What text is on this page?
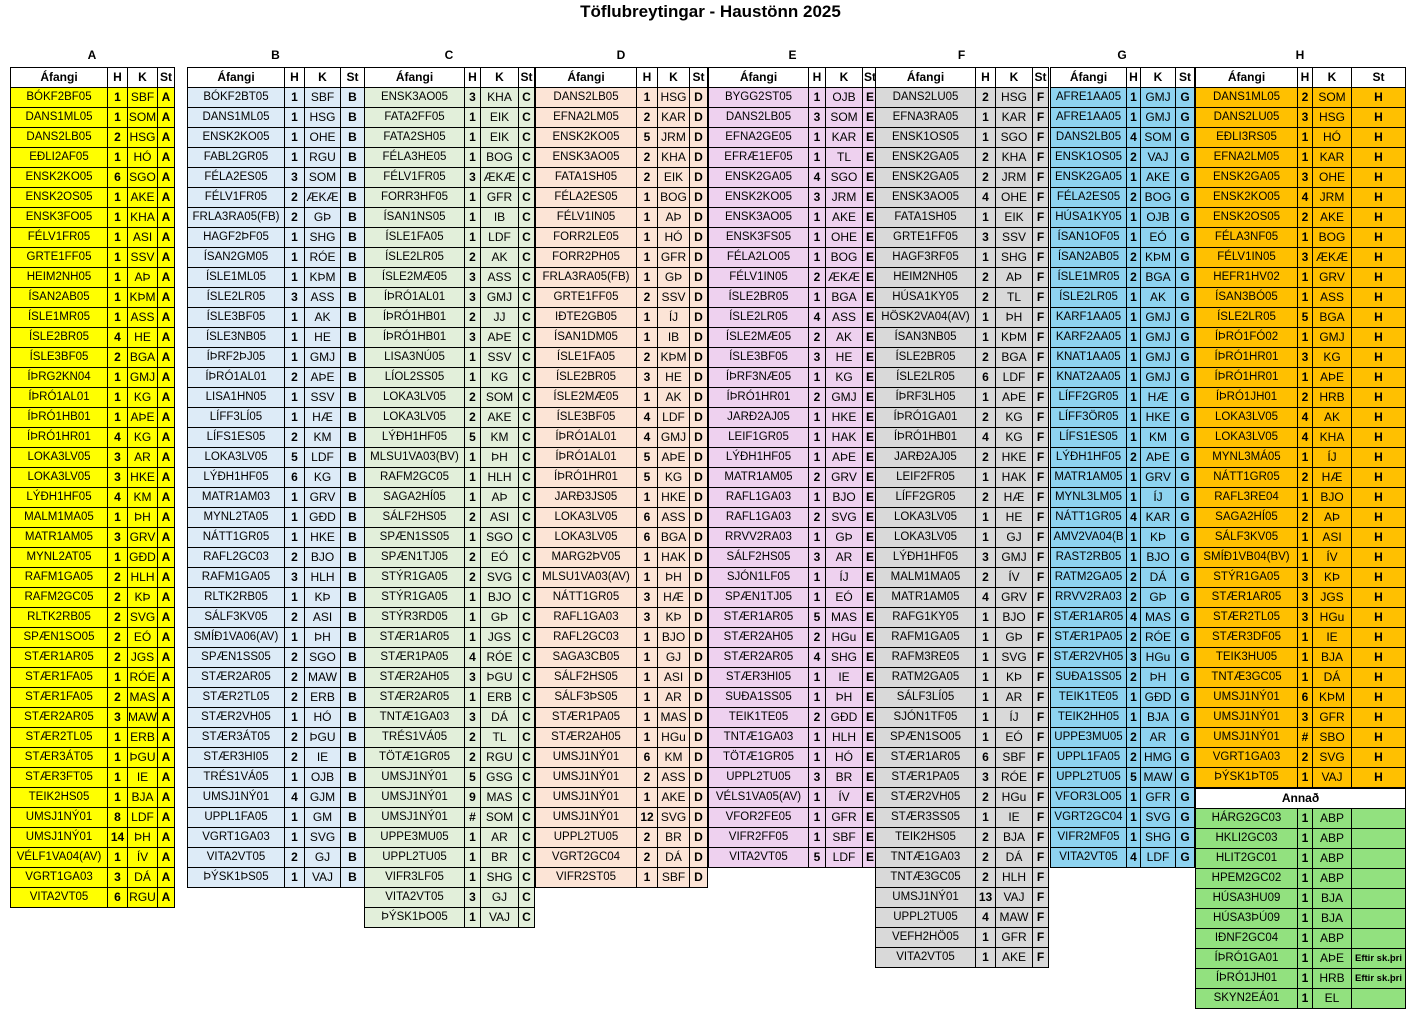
Töflubreytingar - Haustönn 2025
A
Áfangi	H	K	St
BÓKF2BF05	1	SBF	A
DANS1ML05	1	SOM	A
DANS2LB05	2	HSG	A
EÐLI2AF05	1	HÓ	A
ENSK2KO05	6	SGO	A
ENSK2OS05	1	AKE	A
ENSK3FO05	1	KHA	A
FÉLV1FR05	1	ASI	A
GRTE1FF05	1	SSV	A
HEIM2NH05	1	AÞ	A
ÍSAN2AB05	1	KÞM	A
ÍSLE1MR05	1	ASS	A
ÍSLE2BR05	4	HE	A
ÍSLE3BF05	2	BGA	A
ÍÞRG2KN04	1	GMJ	A
ÍÞRÓ1AL01	1	KG	A
ÍÞRÓ1HB01	1	AÞE	A
ÍÞRÓ1HR01	4	KG	A
LOKA3LV05	3	AR	A
LOKA3LV05	3	HKE	A
LÝÐH1HF05	4	KM	A
MALM1MA05	1	ÞH	A
MATR1AM05	3	GRV	A
MYNL2AT05	1	GÐD	A
RAFM1GA05	2	HLH	A
RAFM2GC05	2	KÞ	A
RLTK2RB05	2	SVG	A
SPÆN1SO05	2	EÓ	A
STÆR1AR05	2	JGS	A
STÆR1FA05	1	RÓE	A
STÆR1FA05	2	MAS	A
STÆR2AR05	3	MAW	A
STÆR2TL05	1	ERB	A
STÆR3ÁT05	1	ÞGU	A
STÆR3FT05	1	IE	A
TEIK2HS05	1	BJA	A
UMSJ1NÝ01	8	LDF	A
UMSJ1NÝ01	14	ÞH	A
VÉLF1VA04(AV)	1	ÍV	A
VGRT1GA03	3	DÁ	A
VITA2VT05	6	RGU	A
B
Áfangi	H	K	St
BÓKF2BT05	1	SBF	B
DANS1ML05	1	HSG	B
ENSK2KO05	1	OHE	B
FABL2GR05	1	RGU	B
FÉLA2ES05	3	SOM	B
FÉLV1FR05	2	ÆKÆ	B
FRLA3RA05(FB)	2	GÞ	B
HAGF2ÞF05	1	SHG	B
ÍSAN2GM05	1	RÓE	B
ÍSLE1ML05	1	KÞM	B
ÍSLE2LR05	3	ASS	B
ÍSLE3BF05	1	AK	B
ÍSLE3NB05	1	HE	B
ÍÞRF2ÞJ05	1	GMJ	B
ÍÞRÓ1AL01	2	AÞE	B
LISA1HN05	1	SSV	B
LÍFF3LÍ05	1	HÆ	B
LÍFS1ES05	2	KM	B
LOKA3LV05	5	LDF	B
LÝÐH1HF05	6	KG	B
MATR1AM03	1	GRV	B
MYNL2TA05	1	GÐD	B
NÁTT1GR05	1	HKE	B
RAFL2GC03	2	BJO	B
RAFM1GA05	3	HLH	B
RLTK2RB05	1	KÞ	B
SÁLF3KV05	2	ASI	B
SMÍÐ1VA06(AV)	1	ÞH	B
SPÆN1SS05	2	SGO	B
STÆR2AR05	2	MAW	B
STÆR2TL05	2	ERB	B
STÆR2VH05	1	HÓ	B
STÆR3ÁT05	2	ÞGU	B
STÆR3HI05	2	IE	B
TRÉS1VÁ05	1	OJB	B
UMSJ1NÝ01	4	GJM	B
UPPL1FA05	1	GM	B
VGRT1GA03	1	SVG	B
VITA2VT05	2	GJ	B
ÞÝSK1ÞS05	1	VAJ	B
C
Áfangi	H	K	St
ENSK3AO05	3	KHA	C
FATA2FF05	1	EIK	C
FATA2SH05	1	EIK	C
FÉLA3HE05	1	BOG	C
FÉLV1FR05	3	ÆKÆ	C
FORR3HF05	1	GFR	C
ÍSAN1NS05	1	IB	C
ÍSLE1FA05	1	LDF	C
ÍSLE2LR05	2	AK	C
ÍSLE2MÆ05	3	ASS	C
ÍÞRÓ1AL01	3	GMJ	C
ÍÞRÓ1HB01	2	JJ	C
ÍÞRÓ1HB01	3	AÞE	C
LISA3NÚ05	1	SSV	C
LÍOL2SS05	1	KG	C
LOKA3LV05	2	SOM	C
LOKA3LV05	2	AKE	C
LÝÐH1HF05	5	KM	C
MLSU1VA03(BV)	1	ÞH	C
RAFM2GC05	1	HLH	C
SAGA2HÍ05	1	AÞ	C
SÁLF2HS05	2	ASI	C
SPÆN1SS05	1	SGO	C
SPÆN1TJ05	2	EÓ	C
STÝR1GA05	2	SVG	C
STÝR1GA05	1	BJO	C
STÝR3RD05	1	GÞ	C
STÆR1AR05	1	JGS	C
STÆR1PA05	4	RÓE	C
STÆR2AH05	3	ÞGU	C
STÆR2AR05	1	ERB	C
TNTÆ1GA03	3	DÁ	C
TRÉS1VÁ05	2	TL	C
TÖTÆ1GR05	2	RGU	C
UMSJ1NÝ01	5	GSG	C
UMSJ1NÝ01	9	MAS	C
UMSJ1NÝ01	#	SOM	C
UPPE3MU05	1	AR	C
UPPL2TU05	1	BR	C
VIFR3LF05	1	SHG	C
VITA2VT05	3	GJ	C
ÞÝSK1ÞO05	1	VAJ	C
D
Áfangi	H	K	St
DANS2LB05	1	HSG	D
EFNA2LM05	2	KAR	D
ENSK2KO05	5	JRM	D
ENSK3AO05	2	KHA	D
FATA1SH05	2	EIK	D
FÉLA2ES05	1	BOG	D
FÉLV1IN05	1	AÞ	D
FORR2LE05	1	HÓ	D
FORR2PH05	1	GFR	D
FRLA3RA05(FB)	1	GÞ	D
GRTE1FF05	2	SSV	D
IÐTE2GB05	1	ÍJ	D
ÍSAN1DM05	1	IB	D
ÍSLE1FA05	2	KÞM	D
ÍSLE2BR05	3	HE	D
ÍSLE2MÆ05	1	AK	D
ÍSLE3BF05	4	LDF	D
ÍÞRÓ1AL01	4	GMJ	D
ÍÞRÓ1AL01	5	AÞE	D
ÍÞRÓ1HR01	5	KG	D
JARÐ3JS05	1	HKE	D
LOKA3LV05	6	ASS	D
LOKA3LV05	6	BGA	D
MARG2ÞV05	1	HAK	D
MLSU1VA03(AV)	1	ÞH	D
NÁTT1GR05	3	HÆ	D
RAFL1GA03	3	KÞ	D
RAFL2GC03	1	BJO	D
SAGA3CB05	1	GJ	D
SÁLF2HS05	1	ASI	D
SÁLF3ÞS05	1	AR	D
STÆR1PA05	1	MAS	D
STÆR2AH05	1	HGu	D
UMSJ1NÝ01	6	KM	D
UMSJ1NÝ01	2	ASS	D
UMSJ1NÝ01	1	AKE	D
UMSJ1NÝ01	12	SVG	D
UPPL2TU05	2	BR	D
VGRT2GC04	2	DÁ	D
VIFR2ST05	1	SBF	D
E
Áfangi	H	K	St
BYGG2ST05	1	OJB	E
DANS2LB05	3	SOM	E
EFNA2GE05	1	KAR	E
EFRÆ1EF05	1	TL	E
ENSK2GA05	4	SGO	E
ENSK2KO05	3	JRM	E
ENSK3AO05	1	AKE	E
ENSK3FS05	1	OHE	E
FÉLA2LO05	1	BOG	E
FÉLV1IN05	2	ÆKÆ	E
ÍSLE2BR05	1	BGA	E
ÍSLE2LR05	4	ASS	E
ÍSLE2MÆ05	2	AK	E
ÍSLE3BF05	3	HE	E
ÍÞRF3NÆ05	1	KG	E
ÍÞRÓ1HR01	2	GMJ	E
JARÐ2AJ05	1	HKE	E
LEIF1GR05	1	HAK	E
LÝÐH1HF05	1	AÞE	E
MATR1AM05	2	GRV	E
RAFL1GA03	1	BJO	E
RAFL1GA03	2	SVG	E
RRVV2RA03	1	GÞ	E
SÁLF2HS05	3	AR	E
SJÓN1LF05	1	ÍJ	E
SPÆN1TJ05	1	EÓ	E
STÆR1AR05	5	MAS	E
STÆR2AH05	2	HGu	E
STÆR2AR05	4	SHG	E
STÆR3HI05	1	IE	E
SUÐA1SS05	1	ÞH	E
TEIK1TE05	2	GÐD	E
TNTÆ1GA03	1	HLH	E
TÖTÆ1GR05	1	HÓ	E
UPPL2TU05	3	BR	E
VÉLS1VA05(AV)	1	ÍV	E
VFOR2FE05	1	GFR	E
VIFR2FF05	1	SBF	E
VITA2VT05	5	LDF	E
F
Áfangi	H	K	St
DANS2LU05	2	HSG	F
EFNA3RA05	1	KAR	F
ENSK1OS05	1	SGO	F
ENSK2GA05	2	KHA	F
ENSK2GA05	2	JRM	F
ENSK3AO05	4	OHE	F
FATA1SH05	1	EIK	F
GRTE1FF05	3	SSV	F
HAGF3RF05	1	SHG	F
HEIM2NH05	2	AÞ	F
HÚSA1KY05	2	TL	F
HÖSK2VA04(AV)	1	ÞH	F
ÍSAN3NB05	1	KÞM	F
ÍSLE2BR05	2	BGA	F
ÍSLE2LR05	6	LDF	F
ÍÞRF3LH05	1	AÞE	F
ÍÞRÓ1GA01	2	KG	F
ÍÞRÓ1HB01	4	KG	F
JARÐ2AJ05	2	HKE	F
LEIF2FR05	1	HAK	F
LÍFF2GR05	2	HÆ	F
LOKA3LV05	1	HE	F
LOKA3LV05	1	GJ	F
LÝÐH1HF05	3	GMJ	F
MALM1MA05	2	ÍV	F
MATR1AM05	4	GRV	F
RAFG1KY05	1	BJO	F
RAFM1GA05	1	GÞ	F
RAFM3RE05	1	SVG	F
RATM2GA05	1	KÞ	F
SÁLF3LÍ05	1	AR	F
SJÓN1TF05	1	ÍJ	F
SPÆN1SO05	1	EÓ	F
STÆR1AR05	6	SBF	F
STÆR1PA05	3	RÓE	F
STÆR2VH05	2	HGu	F
STÆR3SS05	1	IE	F
TEIK2HS05	2	BJA	F
TNTÆ1GA03	2	DÁ	F
TNTÆ3GC05	2	HLH	F
UMSJ1NÝ01	13	VAJ	F
UPPL2TU05	4	MAW	F
VEFH2HÖ05	1	GFR	F
VITA2VT05	1	AKE	F
G
Áfangi	H	K	St
AFRE1AA05	1	GMJ	G
AFRE1AA05	1	GMJ	G
DANS2LB05	4	SOM	G
ENSK1OS05	2	VAJ	G
ENSK2GA05	1	AKE	G
FÉLA2ES05	2	BOG	G
HÚSA1KY05	1	OJB	G
ÍSAN1OF05	1	EÓ	G
ÍSAN2AB05	2	KÞM	G
ÍSLE1MR05	2	BGA	G
ÍSLE2LR05	1	AK	G
KARF1AA05	1	GMJ	G
KARF2AA05	1	GMJ	G
KNAT1AA05	1	GMJ	G
KNAT2AA05	1	GMJ	G
LÍFF2GR05	1	HÆ	G
LÍFF3ÖR05	1	HKE	G
LÍFS1ES05	1	KM	G
LÝÐH1HF05	2	AÞE	G
MATR1AM05	1	GRV	G
MYNL3LM05	1	ÍJ	G
NÁTT1GR05	4	KAR	G
AMV2VA04(B	1	KÞ	G
RAST2RB05	1	BJO	G
RATM2GA05	2	DÁ	G
RRVV2RA03	2	GÞ	G
STÆR1AR05	4	MAS	G
STÆR1PA05	2	RÓE	G
STÆR2VH05	3	HGu	G
SUÐA1SS05	2	ÞH	G
TEIK1TE05	1	GÐD	G
TEIK2HH05	1	BJA	G
UPPE3MU05	2	AR	G
UPPL1FA05	2	HMG	G
UPPL2TU05	5	MAW	G
VFOR3LO05	1	GFR	G
VGRT2GC04	1	SVG	G
VIFR2MF05	1	SHG	G
VITA2VT05	4	LDF	G
H
Áfangi	H	K	St
DANS1ML05	2	SOM	H
DANS2LU05	3	HSG	H
EÐLI3RS05	1	HÓ	H
EFNA2LM05	1	KAR	H
ENSK2GA05	3	OHE	H
ENSK2KO05	4	JRM	H
ENSK2OS05	2	AKE	H
FÉLA3NF05	1	BOG	H
FÉLV1IN05	3	ÆKÆ	H
HEFR1HV02	1	GRV	H
ÍSAN3BÓ05	1	ASS	H
ÍSLE2LR05	5	BGA	H
ÍÞRÓ1FÓ02	1	GMJ	H
ÍÞRÓ1HR01	3	KG	H
ÍÞRÓ1HR01	1	AÞE	H
ÍÞRÓ1JH01	2	HRB	H
LOKA3LV05	4	AK	H
LOKA3LV05	4	KHA	H
MYNL3MÁ05	1	ÍJ	H
NÁTT1GR05	2	HÆ	H
RAFL3RE04	1	BJO	H
SAGA2HÍ05	2	AÞ	H
SÁLF3KV05	1	ASI	H
SMÍÐ1VB04(BV)	1	ÍV	H
STÝR1GA05	3	KÞ	H
STÆR1AR05	3	JGS	H
STÆR2TL05	3	HGu	H
STÆR3DF05	1	IE	H
TEIK3HU05	1	BJA	H
TNTÆ3GC05	1	DÁ	H
UMSJ1NÝ01	6	KÞM	H
UMSJ1NÝ01	3	GFR	H
UMSJ1NÝ01	#	SBO	H
VGRT1GA03	2	SVG	H
ÞÝSK1ÞT05	1	VAJ	H
Annað			
HÁRG2GC03	1	ABP	
HKLI2GC03	1	ABP	
HLIT2GC01	1	ABP	
HPEM2GC02	1	ABP	
HÚSA3HU09	1	BJA	
HÚSA3ÞÚ09	1	BJA	
IÐNF2GC04	1	ABP	
ÍÞRÓ1GA01	1	AÞE	Eftir sk.þri
ÍÞRÓ1JH01	1	HRB	Eftir sk.þri
SKYN2EÁ01	1	EL	
